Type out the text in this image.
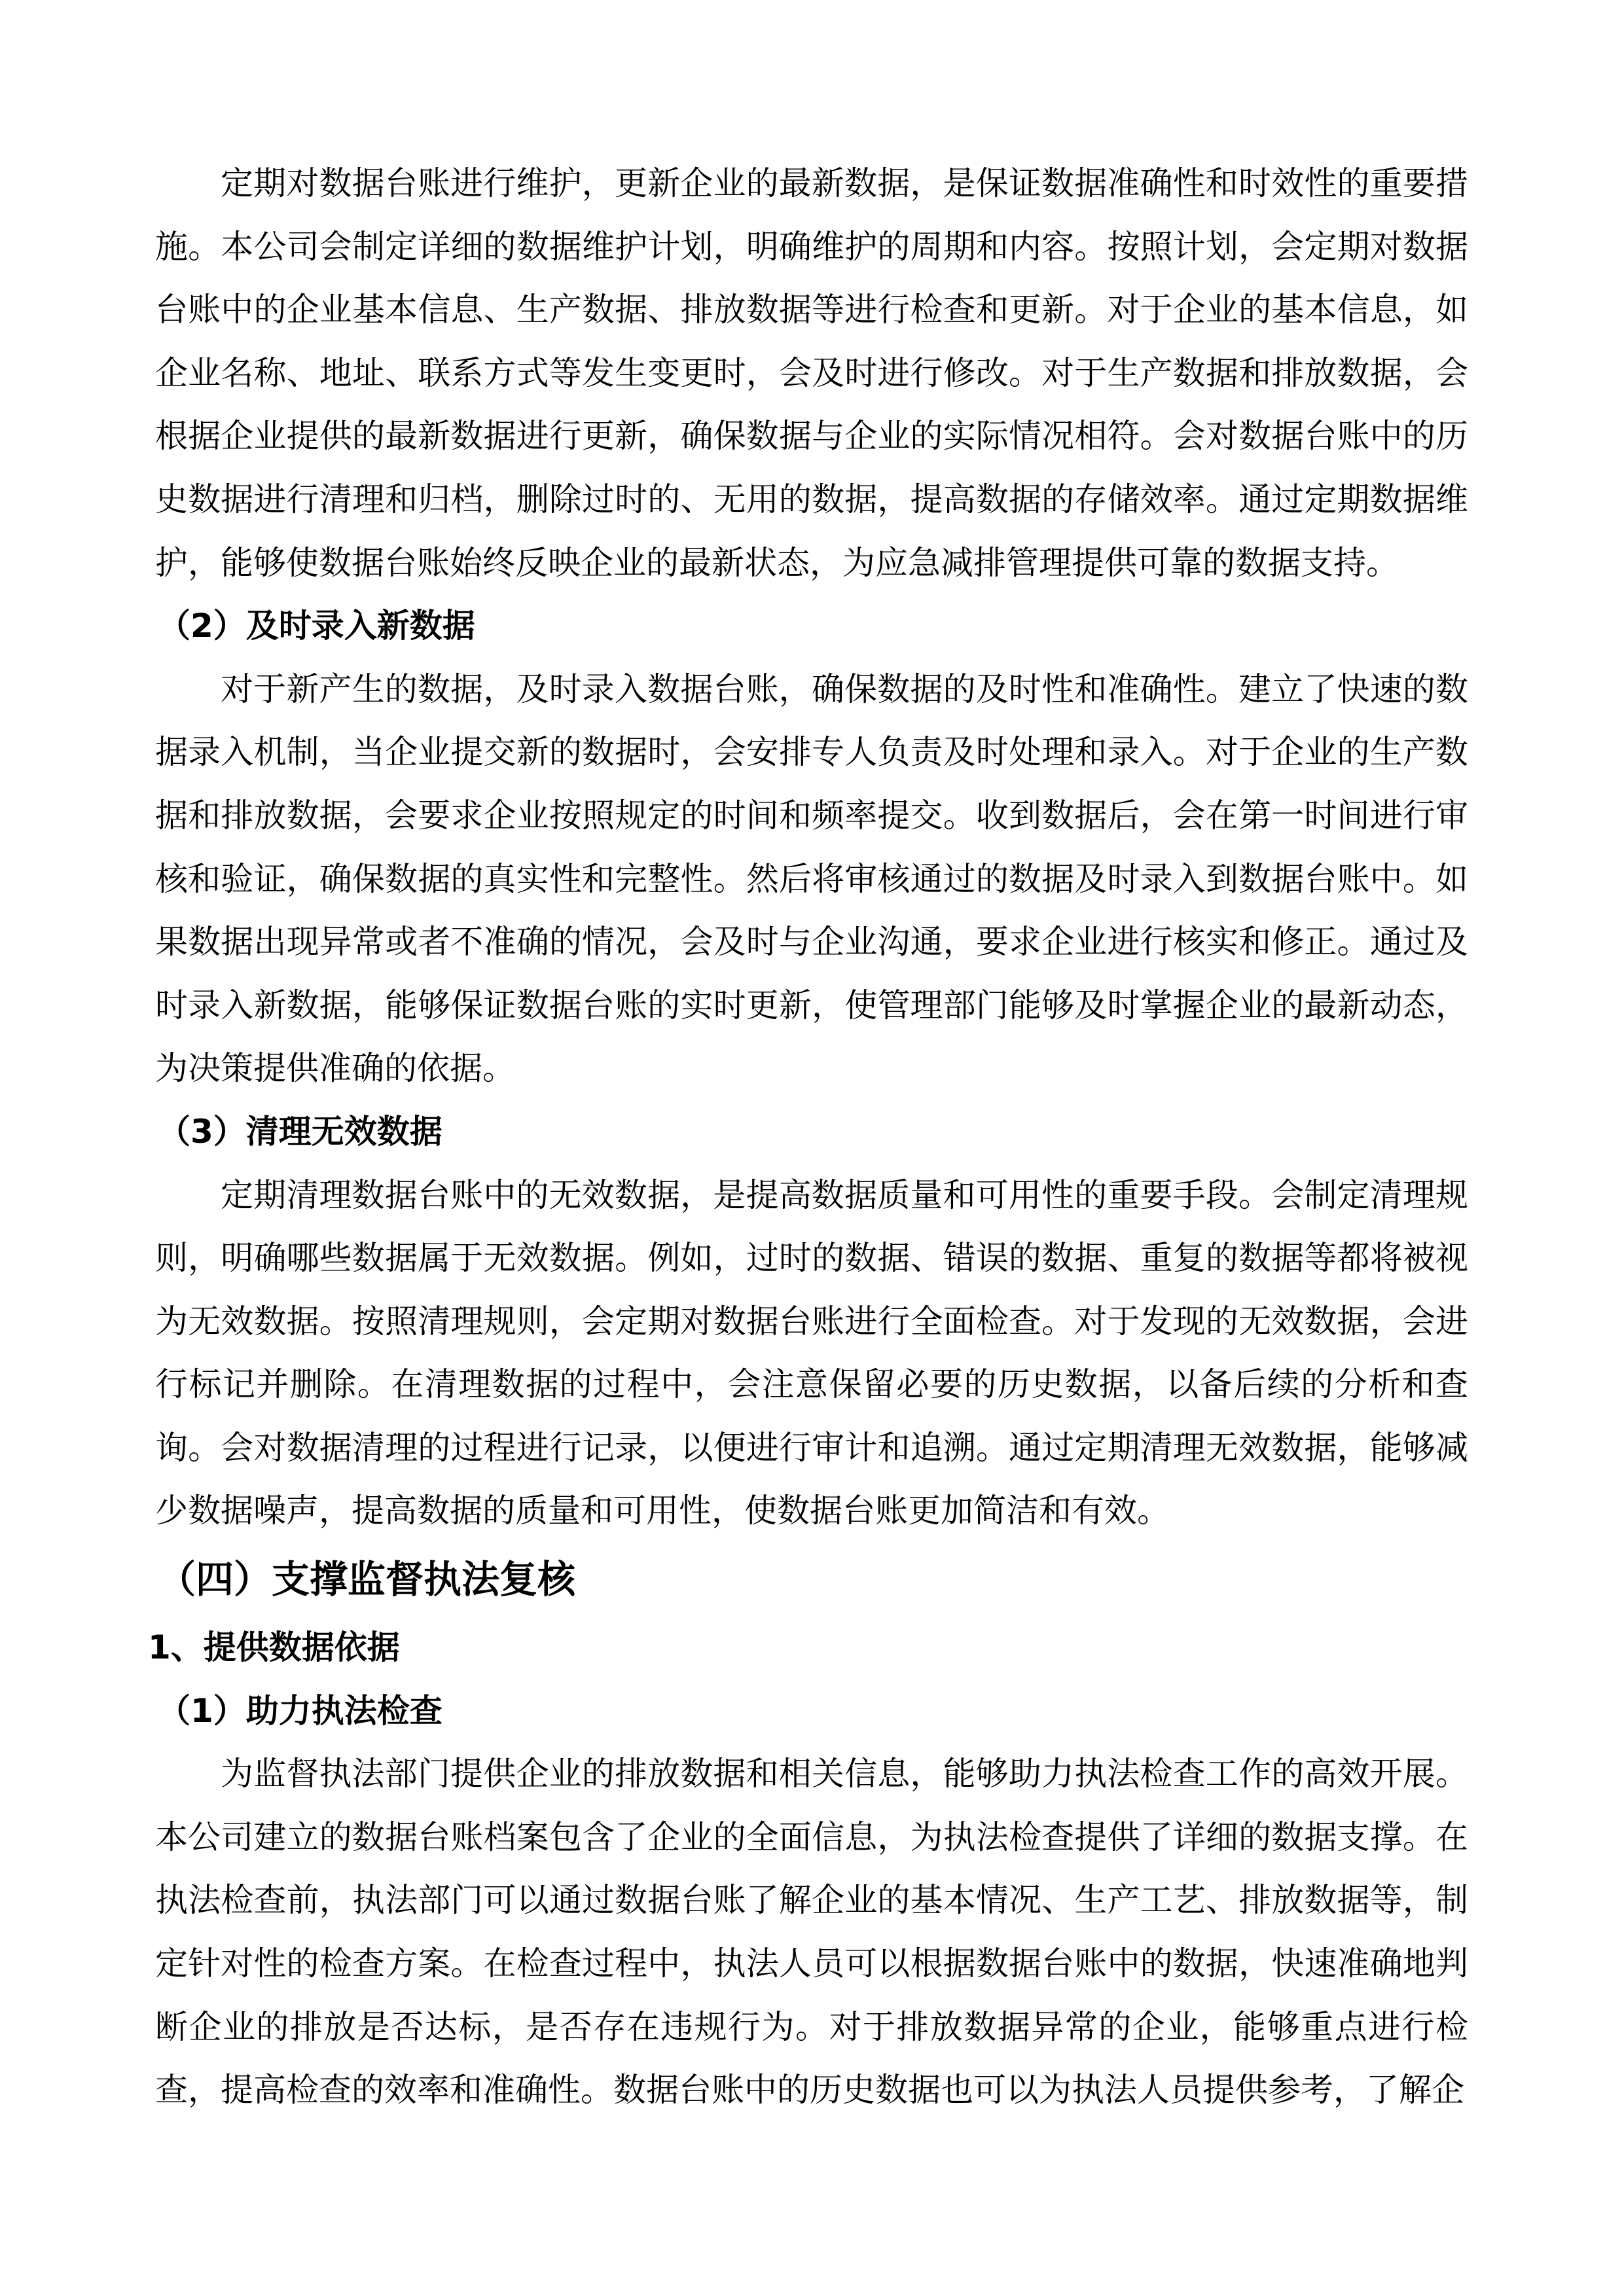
定期对数据台账进行维护，更新企业的最新数据，是保证数据准确性和时效性的重要措施。本公司会制定详细的数据维护计划，明确维护的周期和内容。按照计划，会定期对数据台账中的企业基本信息、生产数据、排放数据等进行检查和更新。对于企业的基本信息，如企业名称、地址、联系方式等发生变更时，会及时进行修改。对于生产数据和排放数据，会根据企业提供的最新数据进行更新，确保数据与企业的实际情况相符。会对数据台账中的历史数据进行清理和归档，删除过时的、无用的数据，提高数据的存储效率。通过定期数据维护，能够使数据台账始终反映企业的最新状态，为应急减排管理提供可靠的数据支持。

（2）及时录入新数据

对于新产生的数据，及时录入数据台账，确保数据的及时性和准确性。建立了快速的数据录入机制，当企业提交新的数据时，会安排专人负责及时处理和录入。对于企业的生产数据和排放数据，会要求企业按照规定的时间和频率提交。收到数据后，会在第一时间进行审核和验证，确保数据的真实性和完整性。然后将审核通过的数据及时录入到数据台账中。如果数据出现异常或者不准确的情况，会及时与企业沟通，要求企业进行核实和修正。通过及时录入新数据，能够保证数据台账的实时更新，使管理部门能够及时掌握企业的最新动态，为决策提供准确的依据。

（3）清理无效数据

定期清理数据台账中的无效数据，是提高数据质量和可用性的重要手段。会制定清理规则，明确哪些数据属于无效数据。例如，过时的数据、错误的数据、重复的数据等都将被视为无效数据。按照清理规则，会定期对数据台账进行全面检查。对于发现的无效数据，会进行标记并删除。在清理数据的过程中，会注意保留必要的历史数据，以备后续的分析和查询。会对数据清理的过程进行记录，以便进行审计和追溯。通过定期清理无效数据，能够减少数据噪声，提高数据的质量和可用性，使数据台账更加简洁和有效。

（四）支撑监督执法复核
1、提供数据依据
（1）助力执法检查

为监督执法部门提供企业的排放数据和相关信息，能够助力执法检查工作的高效开展。本公司建立的数据台账档案包含了企业的全面信息，为执法检查提供了详细的数据支撑。在执法检查前，执法部门可以通过数据台账了解企业的基本情况、生产工艺、排放数据等，制定针对性的检查方案。在检查过程中，执法人员可以根据数据台账中的数据，快速准确地判断企业的排放是否达标，是否存在违规行为。对于排放数据异常的企业，能够重点进行检查，提高检查的效率和准确性。数据台账中的历史数据也可以为执法人员提供参考，了解企
